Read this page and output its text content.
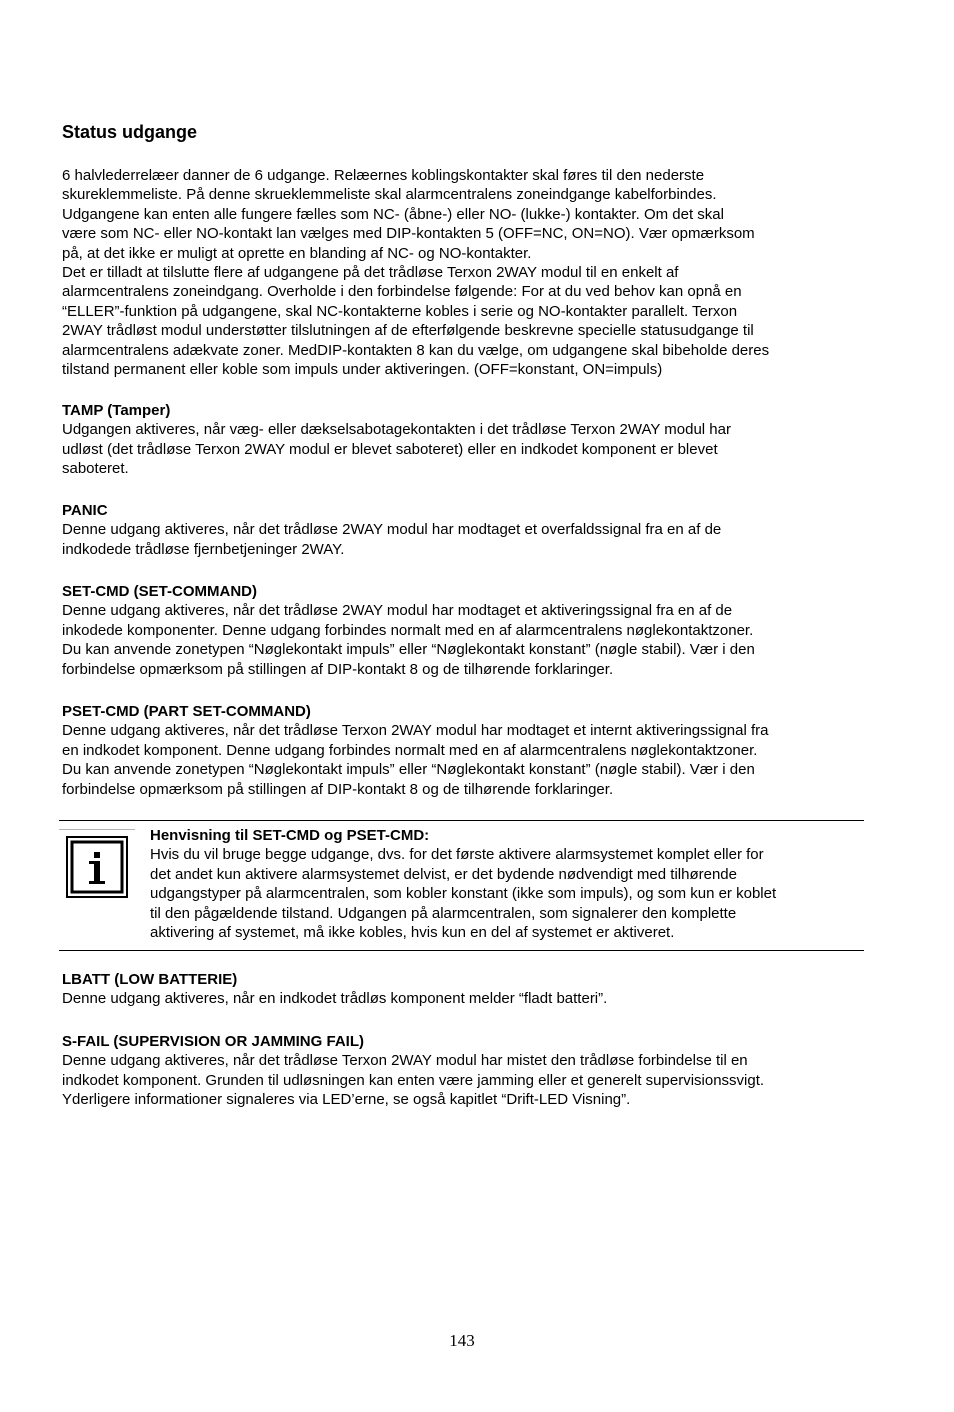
Status udgange
6 halvlederrelæer danner de 6 udgange. Relæernes koblingskontakter skal føres til den nederste
skureklemmeliste. På denne skrueklemmeliste skal alarmcentralens zoneindgange kabelforbindes.
Udgangene kan enten alle fungere fælles som NC- (åbne-) eller NO- (lukke-) kontakter. Om det skal
være som NC- eller NO-kontakt lan vælges med DIP-kontakten 5 (OFF=NC, ON=NO). Vær opmærksom
på, at det ikke er muligt at oprette en blanding af NC- og NO-kontakter.
Det er tilladt at tilslutte flere af udgangene på det trådløse Terxon 2WAY modul til en enkelt af
alarmcentralens zoneindgang. Overholde i den forbindelse følgende: For at du ved behov kan opnå en
“ELLER”-funktion på udgangene, skal NC-kontakterne kobles i serie og NO-kontakter parallelt. Terxon
2WAY trådløst modul understøtter tilslutningen af de efterfølgende beskrevne specielle statusudgange til
alarmcentralens adækvate zoner. MedDIP-kontakten 8 kan du vælge, om udgangene skal bibeholde deres
tilstand permanent eller koble som impuls under aktiveringen. (OFF=konstant, ON=impuls)
TAMP (Tamper)
Udgangen aktiveres, når væg- eller dækselsabotagekontakten i det trådløse Terxon 2WAY modul har
udløst (det trådløse Terxon 2WAY modul er blevet saboteret) eller en indkodet komponent er blevet
saboteret.
PANIC
Denne udgang aktiveres, når det trådløse 2WAY modul har modtaget et overfaldssignal fra en af de
indkodede trådløse fjernbetjeninger 2WAY.
SET-CMD (SET-COMMAND)
Denne udgang aktiveres, når det trådløse 2WAY modul har modtaget et aktiveringssignal fra en af de
inkodede komponenter. Denne udgang forbindes normalt med en af alarmcentralens nøglekontaktzoner.
Du kan anvende zonetypen “Nøglekontakt impuls” eller “Nøglekontakt konstant” (nøgle stabil). Vær i den
forbindelse opmærksom på stillingen af DIP-kontakt 8 og de tilhørende forklaringer.
PSET-CMD (PART SET-COMMAND)
Denne udgang aktiveres, når det trådløse Terxon 2WAY modul har modtaget et internt aktiveringssignal fra
en indkodet komponent. Denne udgang forbindes normalt med en af alarmcentralens nøglekontaktzoner.
Du kan anvende zonetypen “Nøglekontakt impuls” eller “Nøglekontakt konstant” (nøgle stabil). Vær i den
forbindelse opmærksom på stillingen af DIP-kontakt 8 og de tilhørende forklaringer.
Henvisning til SET-CMD og PSET-CMD:
Hvis du vil bruge begge udgange, dvs. for det første aktivere alarmsystemet komplet eller for
det andet kun aktivere alarmsystemet delvist, er det bydende nødvendigt med tilhørende
udgangstyper på alarmcentralen, som kobler konstant (ikke som impuls), og som kun er koblet
til den pågældende tilstand. Udgangen på alarmcentralen, som signalerer den komplette
aktivering af systemet, må ikke kobles, hvis kun en del af systemet er aktiveret.
LBATT (LOW BATTERIE)
Denne udgang aktiveres, når en indkodet trådløs komponent melder “fladt batteri”.
S-FAIL (SUPERVISION OR JAMMING FAIL)
Denne udgang aktiveres, når det trådløse Terxon 2WAY modul har mistet den trådløse forbindelse til en
indkodet komponent. Grunden til udløsningen kan enten være jamming eller et generelt supervisionssvigt.
Yderligere informationer signaleres via LED’erne, se også kapitlet “Drift-LED Visning”.
143
